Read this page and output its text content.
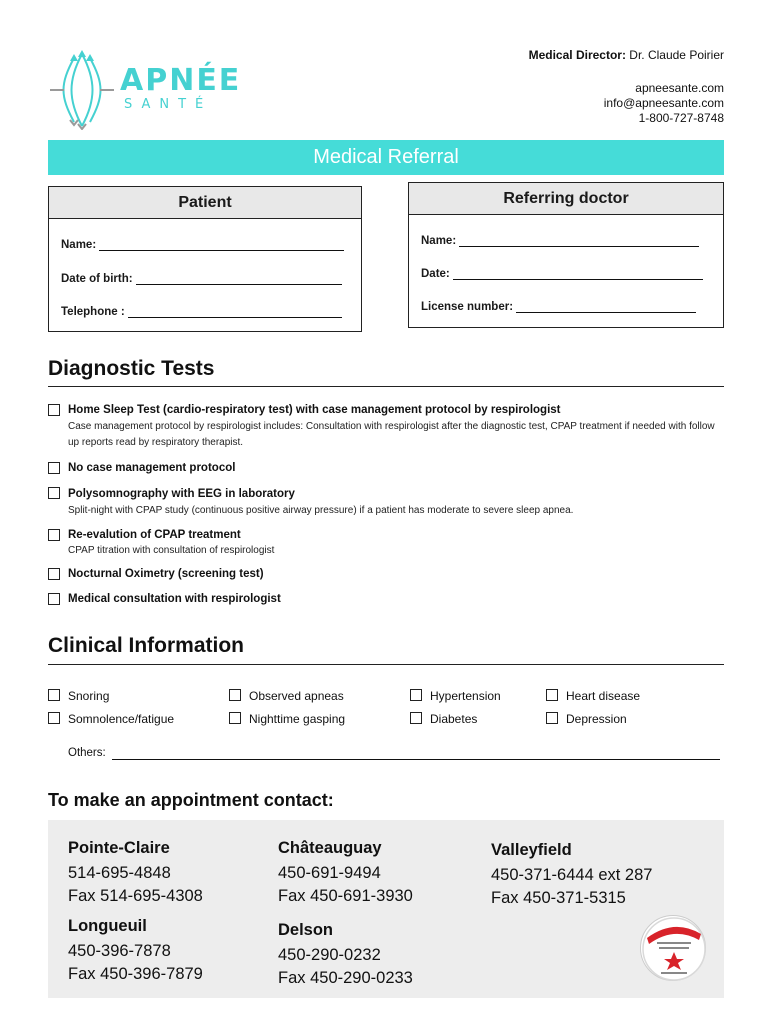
APNÉE
SANTÉ
Medical Director: Dr. Claude Poirier
apneesante.com
info@apneesante.com
1-800-727-8748
Medical Referral
Patient
Name:
Date of birth:
Telephone :
Referring doctor
Name:
Date:
License number:
Diagnostic Tests
Home Sleep Test (cardio-respiratory test) with case management protocol by respirologist
Case management protocol by respirologist includes: Consultation with respirologist after the diagnostic test, CPAP treatment if needed with follow up reports read by respiratory therapist.
No case management protocol
Polysomnography with EEG in laboratory
Split-night with CPAP study (continuous positive airway pressure) if a patient has moderate to severe sleep apnea.
Re-evalution of CPAP treatment
CPAP titration with consultation of respirologist
Nocturnal Oximetry (screening test)
Medical consultation with respirologist
Clinical Information
Snoring	Observed apneas	Hypertension	Heart disease
Somnolence/fatigue	Nighttime gasping	Diabetes	Depression
Others:
To make an appointment contact:
Pointe-Claire
514-695-4848
Fax 514-695-4308
Châteauguay
450-691-9494
Fax 450-691-3930
Valleyfield
450-371-6444 ext 287
Fax 450-371-5315
Longueuil
450-396-7878
Fax 450-396-7879
Delson
450-290-0232
Fax 450-290-0233
